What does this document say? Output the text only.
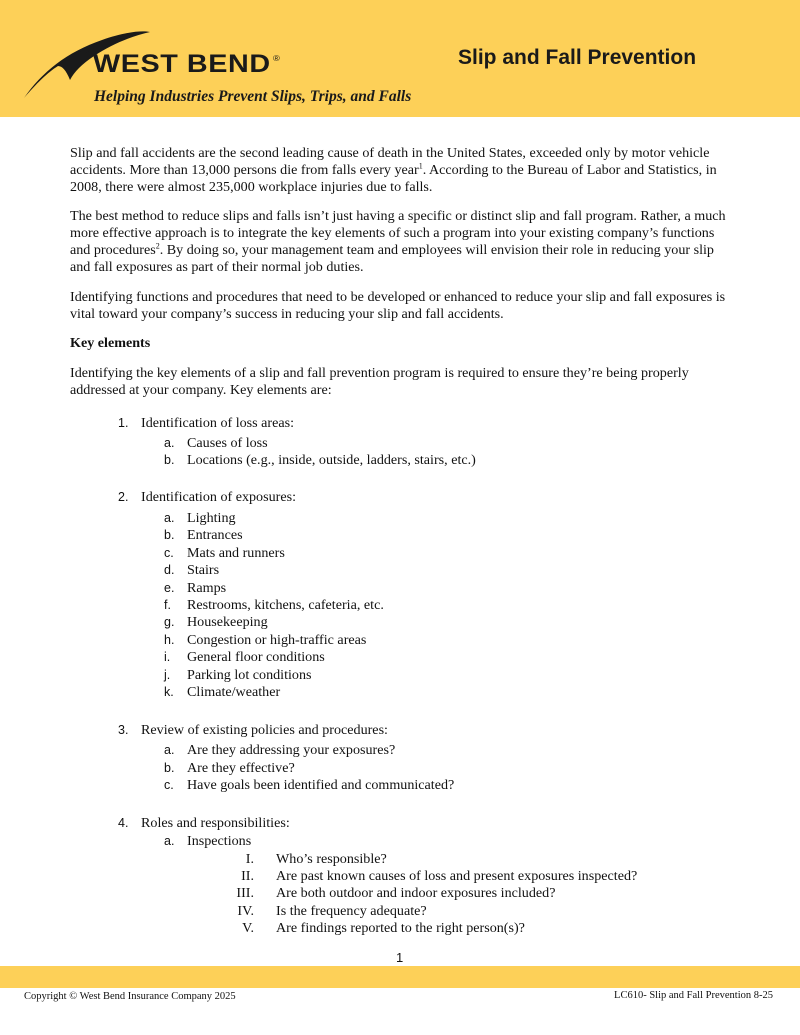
WEST BEND ®
Helping Industries Prevent Slips, Trips, and Falls
Slip and Fall Prevention

Slip and fall accidents are the second leading cause of death in the United States, exceeded only by motor vehicle accidents. More than 13,000 persons die from falls every year$^1$. According to the Bureau of Labor and Statistics, in 2008, there were almost 235,000 workplace injuries due to falls.

The best method to reduce slips and falls isn’t just having a specific or distinct slip and fall program. Rather, a much more effective approach is to integrate the key elements of such a program into your existing company’s functions and procedures$^2$. By doing so, your management team and employees will envision their role in reducing your slip and fall exposures as part of their normal job duties.

Identifying functions and procedures that need to be developed or enhanced to reduce your slip and fall exposures is vital toward your company’s success in reducing your slip and fall accidents.

Key elements

Identifying the key elements of a slip and fall prevention program is required to ensure they’re being properly addressed at your company. Key elements are:

1. Identification of loss areas:
a. Causes of loss
b. Locations (e.g., inside, outside, ladders, stairs, etc.)
2. Identification of exposures:
a. Lighting
b. Entrances
c. Mats and runners
d. Stairs
e. Ramps
f. Restrooms, kitchens, cafeteria, etc.
g. Housekeeping
h. Congestion or high-traffic areas
i. General floor conditions
j. Parking lot conditions
k. Climate/weather
3. Review of existing policies and procedures:
a. Are they addressing your exposures?
b. Are they effective?
c. Have goals been identified and communicated?
4. Roles and responsibilities:
a. Inspections
I. Who’s responsible?
II. Are past known causes of loss and present exposures inspected?
III. Are both outdoor and indoor exposures included?
IV. Is the frequency adequate?
V. Are findings reported to the right person(s)?
1
Copyright © West Bend Insurance Company 2025	LC610- Slip and Fall Prevention 8-25
